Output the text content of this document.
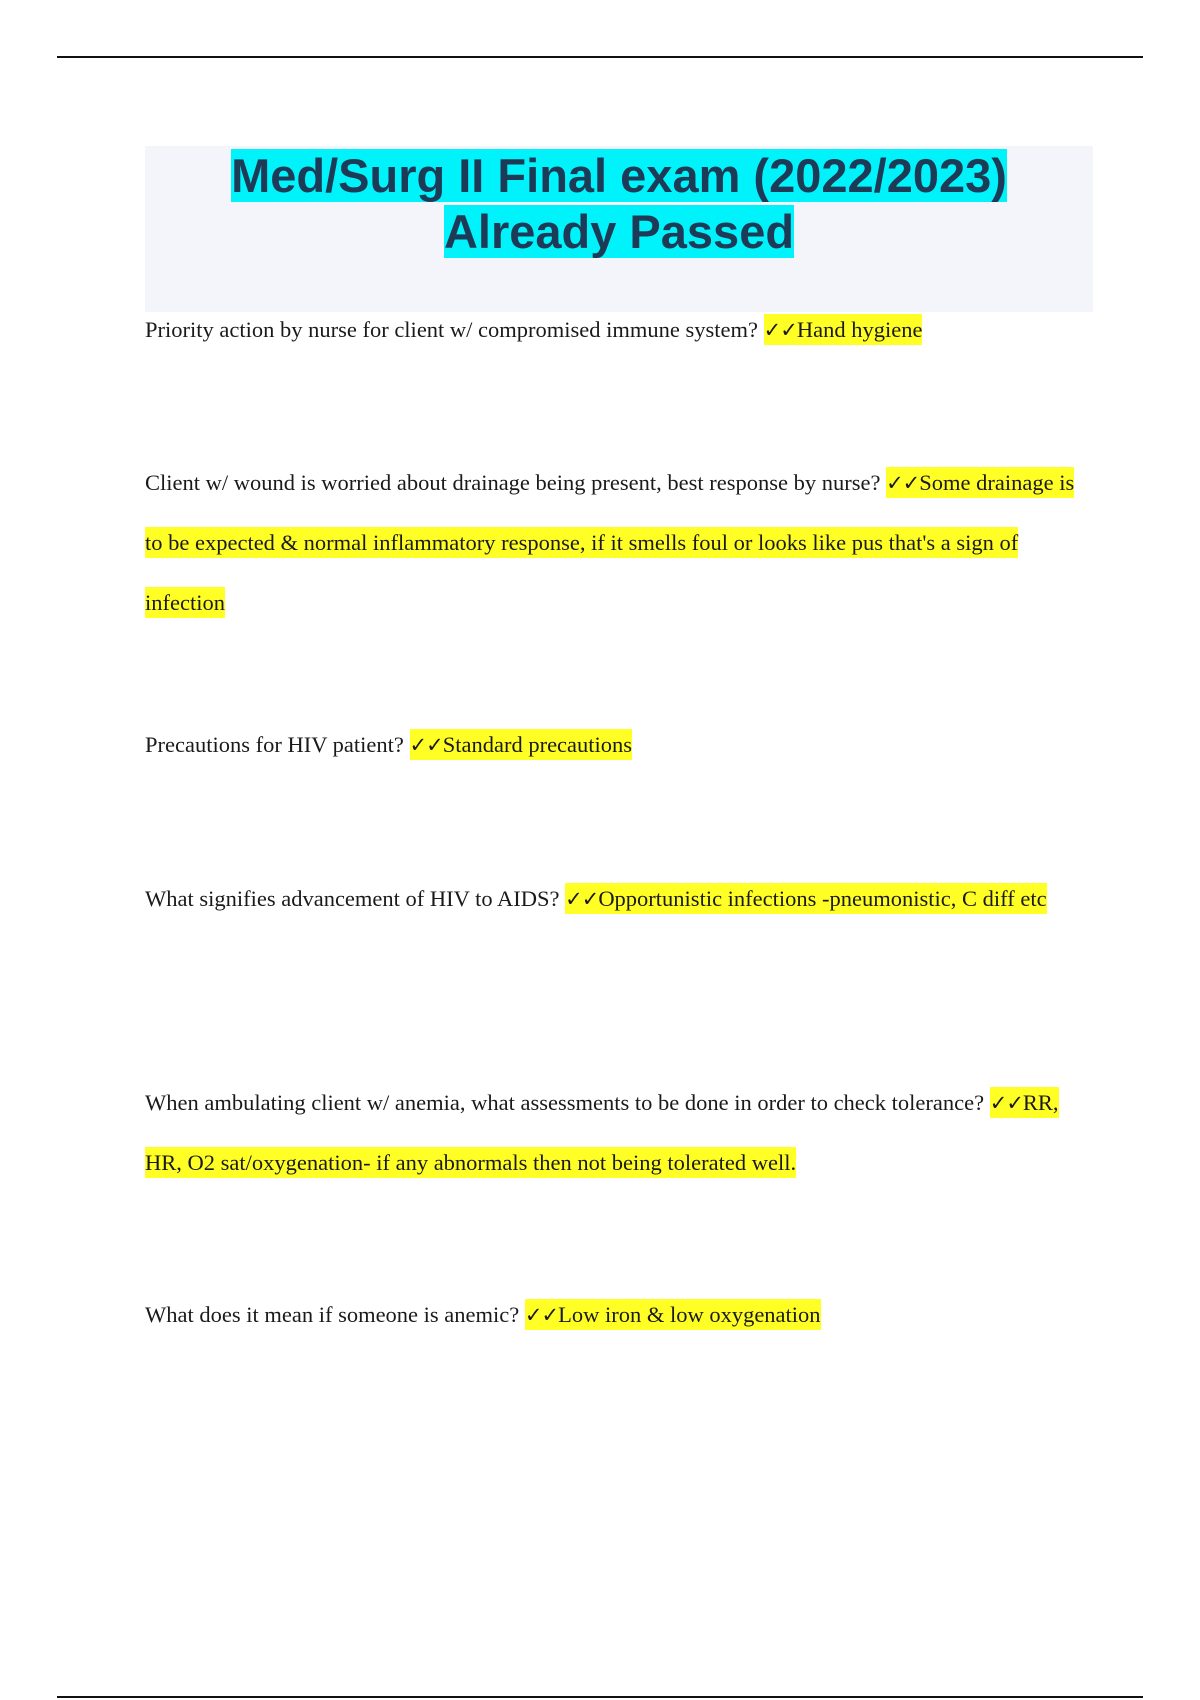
Med/Surg II Final exam (2022/2023)
Already Passed

Priority action by nurse for client w/ compromised immune system? ✓✓Hand hygiene

Client w/ wound is worried about drainage being present, best response by nurse? ✓✓Some drainage is to be expected & normal inflammatory response, if it smells foul or looks like pus that's a sign of infection

Precautions for HIV patient? ✓✓Standard precautions

What signifies advancement of HIV to AIDS? ✓✓Opportunistic infections -pneumonistic, C diff etc

When ambulating client w/ anemia, what assessments to be done in order to check tolerance? ✓✓RR, HR, O2 sat/oxygenation- if any abnormals then not being tolerated well.

What does it mean if someone is anemic? ✓✓Low iron & low oxygenation
